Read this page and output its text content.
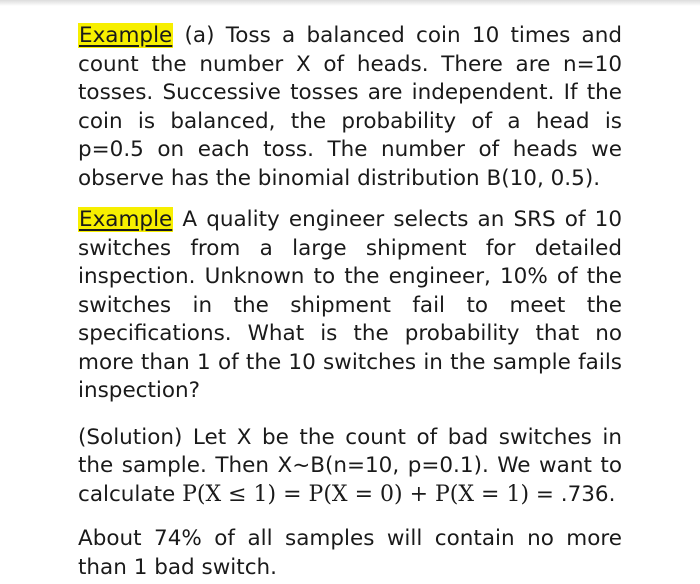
Example (a) Toss a balanced coin 10 times and count the number X of heads. There are n=10 tosses. Successive tosses are independent. If the coin is balanced, the probability of a head is p=0.5 on each toss. The number of heads we observe has the binomial distribution B(10, 0.5).

Example A quality engineer selects an SRS of 10 switches from a large shipment for detailed inspection. Unknown to the engineer, 10% of the switches in the shipment fail to meet the specifications. What is the probability that no more than 1 of the 10 switches in the sample fails inspection?

(Solution) Let X be the count of bad switches in the sample. Then X~B(n=10, p=0.1). We want to calculate P(X ≤ 1) = P(X = 0) + P(X = 1) = .736.

About 74% of all samples will contain no more than 1 bad switch.
